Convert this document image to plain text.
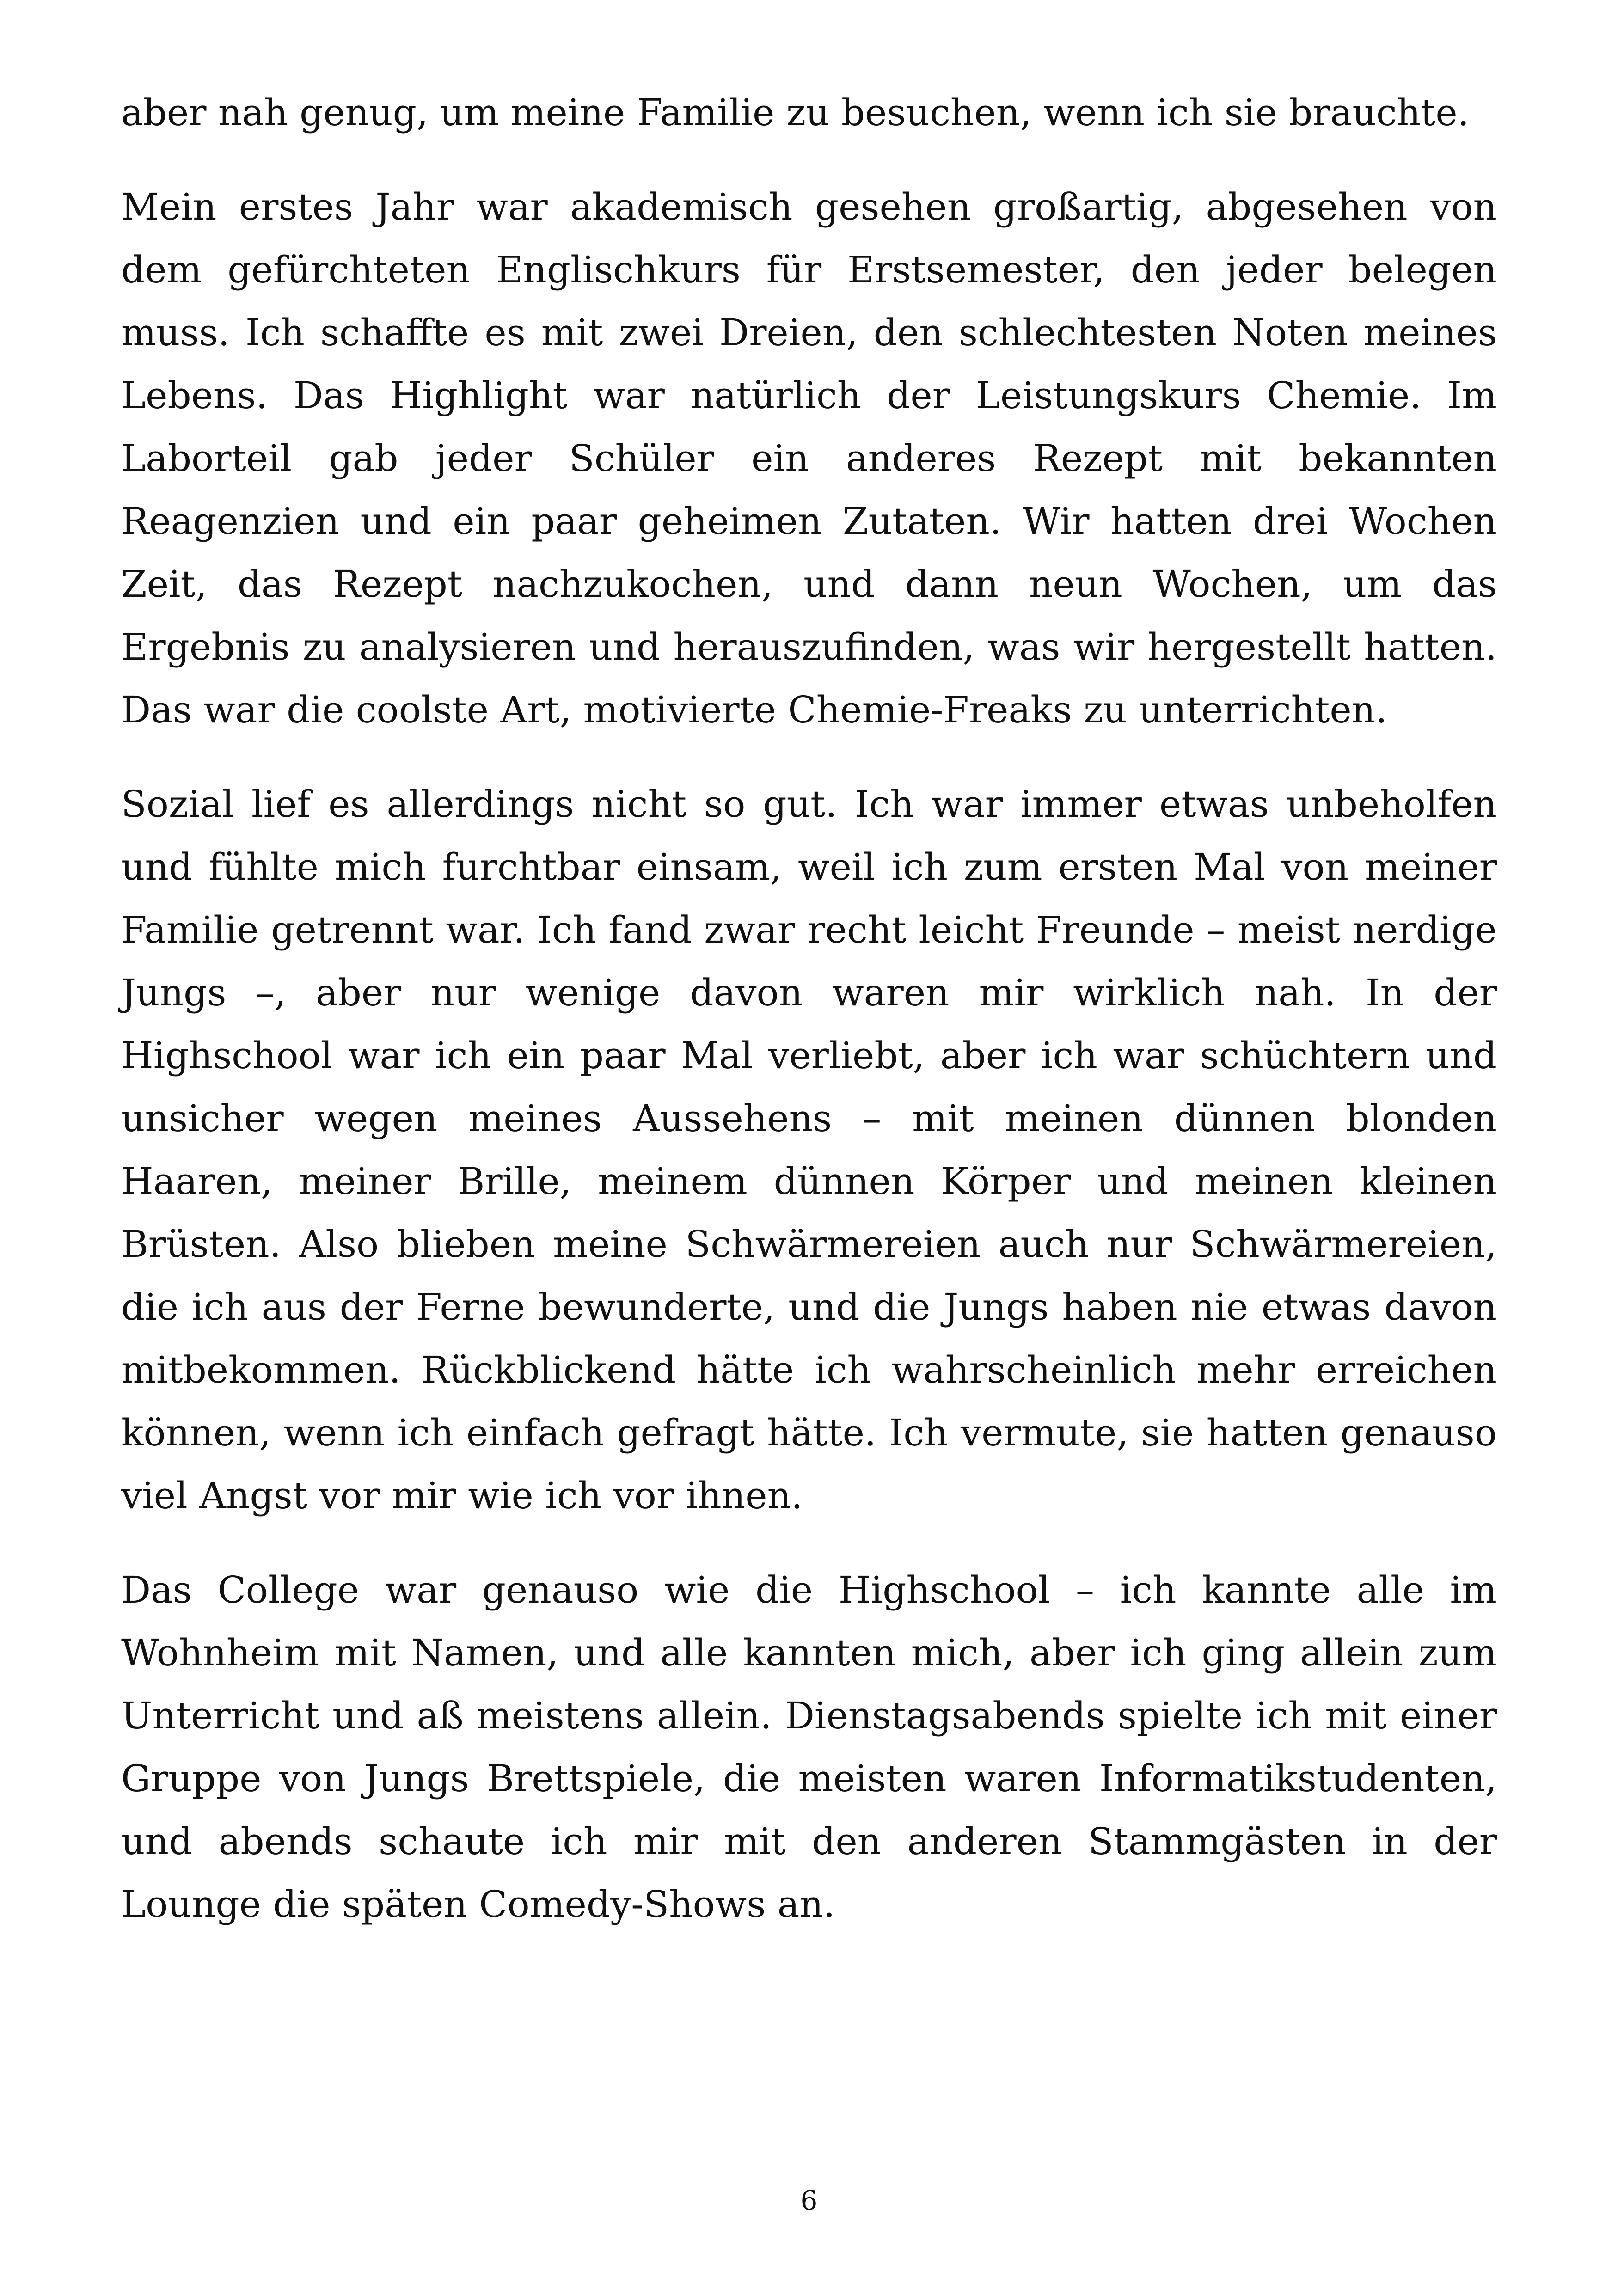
aber nah genug, um meine Familie zu besuchen, wenn ich sie brauchte.

Mein erstes Jahr war akademisch gesehen großartig, abgesehen von dem gefürchteten Englischkurs für Erstsemester, den jeder belegen muss. Ich schaffte es mit zwei Dreien, den schlechtesten Noten meines Lebens. Das Highlight war natürlich der Leistungskurs Chemie. Im Laborteil gab jeder Schüler ein anderes Rezept mit bekannten Reagenzien und ein paar geheimen Zutaten. Wir hatten drei Wochen Zeit, das Rezept nachzukochen, und dann neun Wochen, um das Ergebnis zu analysieren und herauszufinden, was wir hergestellt hatten. Das war die coolste Art, motivierte Chemie-Freaks zu unterrichten.

Sozial lief es allerdings nicht so gut. Ich war immer etwas unbeholfen und fühlte mich furchtbar einsam, weil ich zum ersten Mal von meiner Familie getrennt war. Ich fand zwar recht leicht Freunde – meist nerdige Jungs –, aber nur wenige davon waren mir wirklich nah. In der Highschool war ich ein paar Mal verliebt, aber ich war schüchtern und unsicher wegen meines Aussehens – mit meinen dünnen blonden Haaren, meiner Brille, meinem dünnen Körper und meinen kleinen Brüsten. Also blieben meine Schwärmereien auch nur Schwärmereien, die ich aus der Ferne bewunderte, und die Jungs haben nie etwas davon mitbekommen. Rückblickend hätte ich wahrscheinlich mehr erreichen können, wenn ich einfach gefragt hätte. Ich vermute, sie hatten genauso viel Angst vor mir wie ich vor ihnen.

Das College war genauso wie die Highschool – ich kannte alle im Wohnheim mit Namen, und alle kannten mich, aber ich ging allein zum Unterricht und aß meistens allein. Dienstagsabends spielte ich mit einer Gruppe von Jungs Brettspiele, die meisten waren Informatikstudenten, und abends schaute ich mir mit den anderen Stammgästen in der Lounge die späten Comedy-Shows an.

6
